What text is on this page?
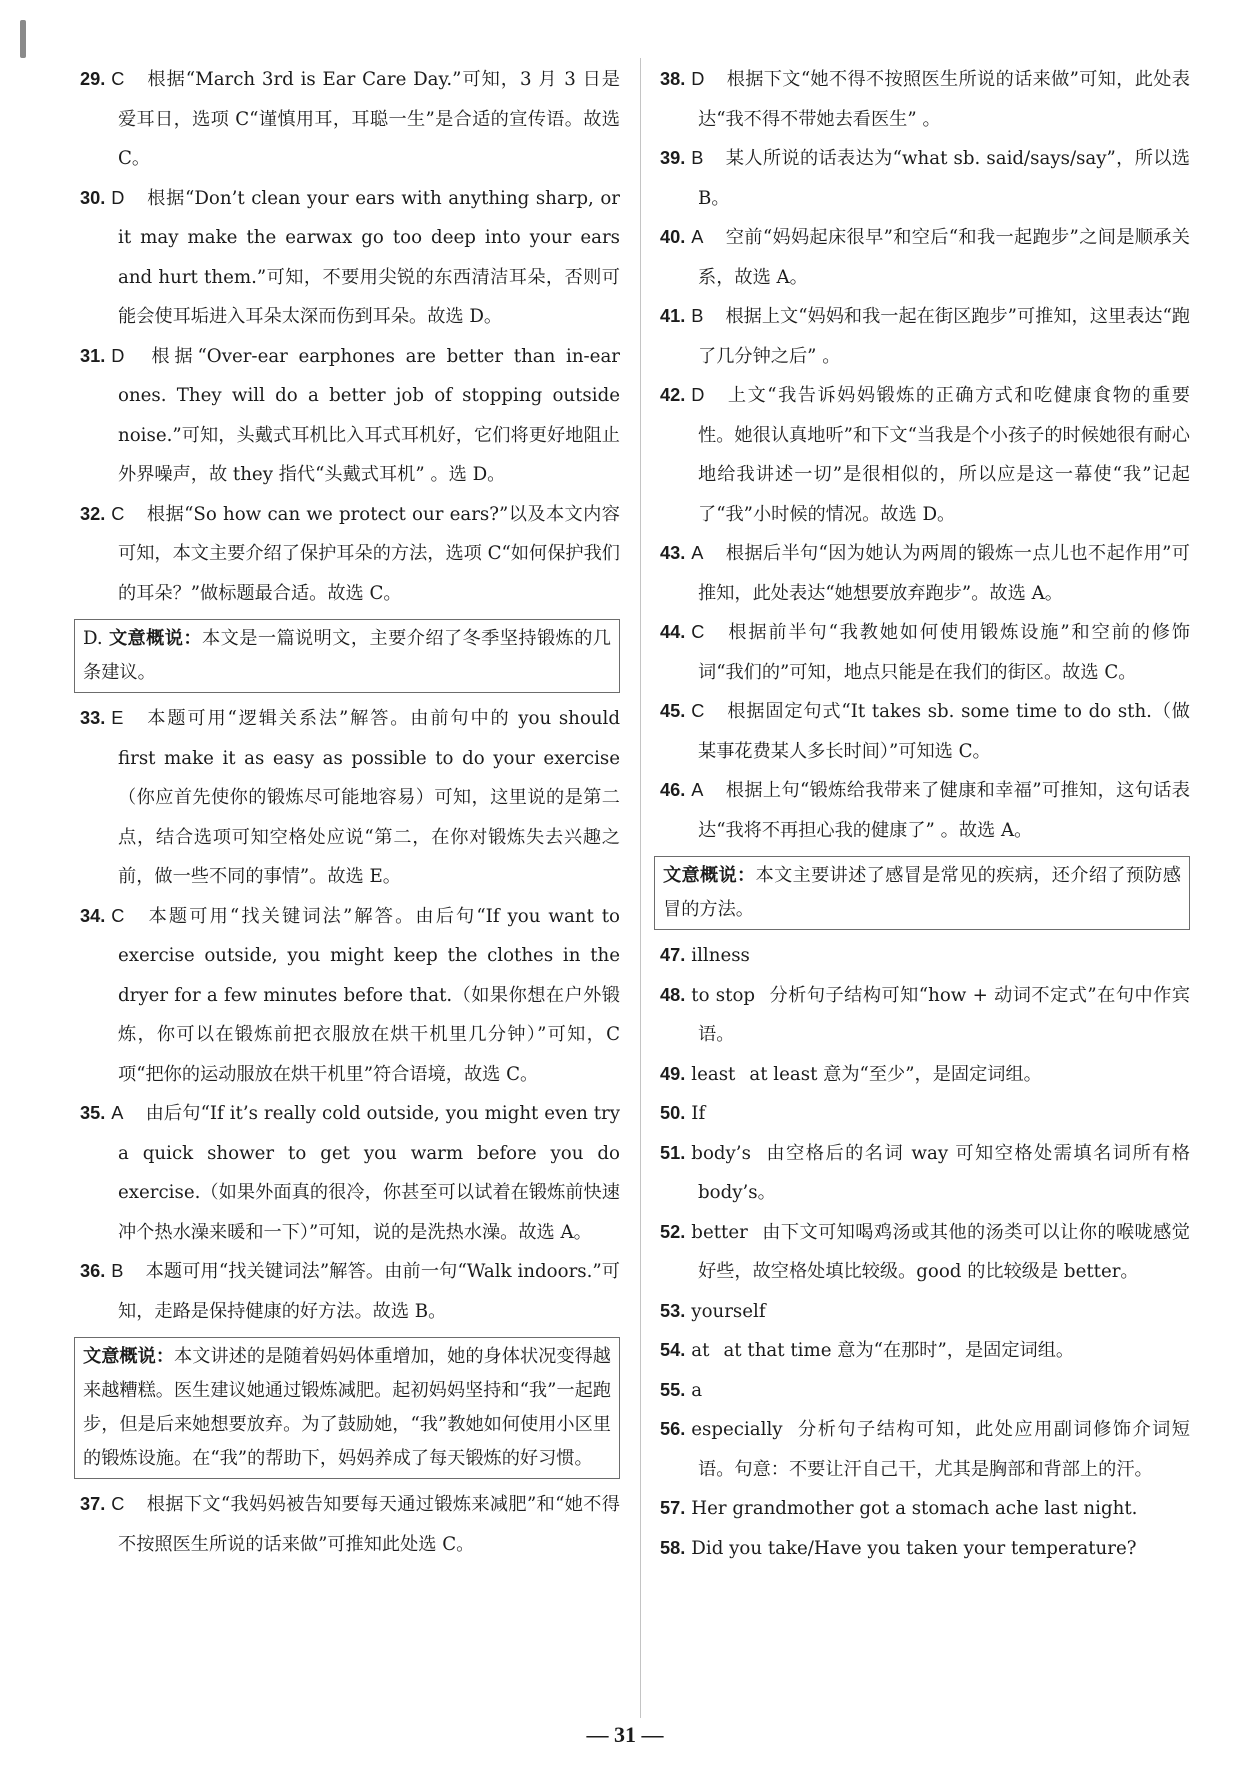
29. C 根据“March 3rd is Ear Care Day.”可知，3 月 3 日是爱耳日，选项 C“谨慎用耳，耳聪一生”是合适的宣传语。故选 C。
30. D 根据“Don’t clean your ears with anything sharp, or it may make the earwax go too deep into your ears and hurt them.”可知，不要用尖锐的东西清洁耳朵，否则可能会使耳垢进入耳朵太深而伤到耳朵。故选 D。
31. D 根据“Over-ear earphones are better than in-ear ones. They will do a better job of stopping outside noise.”可知，头戴式耳机比入耳式耳机好，它们将更好地阻止外界噪声，故 they 指代“头戴式耳机” 。选 D。
32. C 根据“So how can we protect our ears?”以及本文内容可知，本文主要介绍了保护耳朵的方法，选项 C“如何保护我们的耳朵？”做标题最合适。故选 C。
D. 文意概说：本文是一篇说明文，主要介绍了冬季坚持锻炼的几条建议。
33. E 本题可用“逻辑关系法”解答。由前句中的 you should first make it as easy as possible to do your exercise（你应首先使你的锻炼尽可能地容易）可知，这里说的是第二点，结合选项可知空格处应说“第二，在你对锻炼失去兴趣之前，做一些不同的事情”。故选 E。
34. C 本题可用“找关键词法”解答。由后句“If you want to exercise outside, you might keep the clothes in the dryer for a few minutes before that.（如果你想在户外锻炼，你可以在锻炼前把衣服放在烘干机里几分钟）”可知，C 项“把你的运动服放在烘干机里”符合语境，故选 C。
35. A 由后句“If it’s really cold outside, you might even try a quick shower to get you warm before you do exercise.（如果外面真的很冷，你甚至可以试着在锻炼前快速冲个热水澡来暖和一下）”可知，说的是洗热水澡。故选 A。
36. B 本题可用“找关键词法”解答。由前一句“Walk indoors.”可知，走路是保持健康的好方法。故选 B。
文意概说：本文讲述的是随着妈妈体重增加，她的身体状况变得越来越糟糕。医生建议她通过锻炼减肥。起初妈妈坚持和“我”一起跑步，但是后来她想要放弃。为了鼓励她，“我”教她如何使用小区里的锻炼设施。在“我”的帮助下，妈妈养成了每天锻炼的好习惯。
37. C 根据下文“我妈妈被告知要每天通过锻炼来减肥”和“她不得不按照医生所说的话来做”可推知此处选 C。
38. D 根据下文“她不得不按照医生所说的话来做”可知，此处表达“我不得不带她去看医生” 。
39. B 某人所说的话表达为“what sb. said/says/say”，所以选 B。
40. A 空前“妈妈起床很早”和空后“和我一起跑步”之间是顺承关系，故选 A。
41. B 根据上文“妈妈和我一起在街区跑步”可推知，这里表达“跑了几分钟之后” 。
42. D 上文“我告诉妈妈锻炼的正确方式和吃健康食物的重要性。她很认真地听”和下文“当我是个小孩子的时候她很有耐心地给我讲述一切”是很相似的，所以应是这一幕使“我”记起了“我”小时候的情况。故选 D。
43. A 根据后半句“因为她认为两周的锻炼一点儿也不起作用”可推知，此处表达“她想要放弃跑步”。故选 A。
44. C 根据前半句“我教她如何使用锻炼设施”和空前的修饰词“我们的”可知，地点只能是在我们的街区。故选 C。
45. C 根据固定句式“It takes sb. some time to do sth.（做某事花费某人多长时间）”可知选 C。
46. A 根据上句“锻炼给我带来了健康和幸福”可推知，这句话表达“我将不再担心我的健康了” 。故选 A。
文意概说：本文主要讲述了感冒是常见的疾病，还介绍了预防感冒的方法。
47. illness
48. to stop 分析句子结构可知“how + 动词不定式”在句中作宾语。
49. least at least 意为“至少”，是固定词组。
50. If
51. body’s 由空格后的名词 way 可知空格处需填名词所有格 body’s。
52. better 由下文可知喝鸡汤或其他的汤类可以让你的喉咙感觉好些，故空格处填比较级。good 的比较级是 better。
53. yourself
54. at at that time 意为“在那时”，是固定词组。
55. a
56. especially 分析句子结构可知，此处应用副词修饰介词短语。句意：不要让汗自己干，尤其是胸部和背部上的汗。
57. Her grandmother got a stomach ache last night.
58. Did you take/Have you taken your temperature?
— 31 —
